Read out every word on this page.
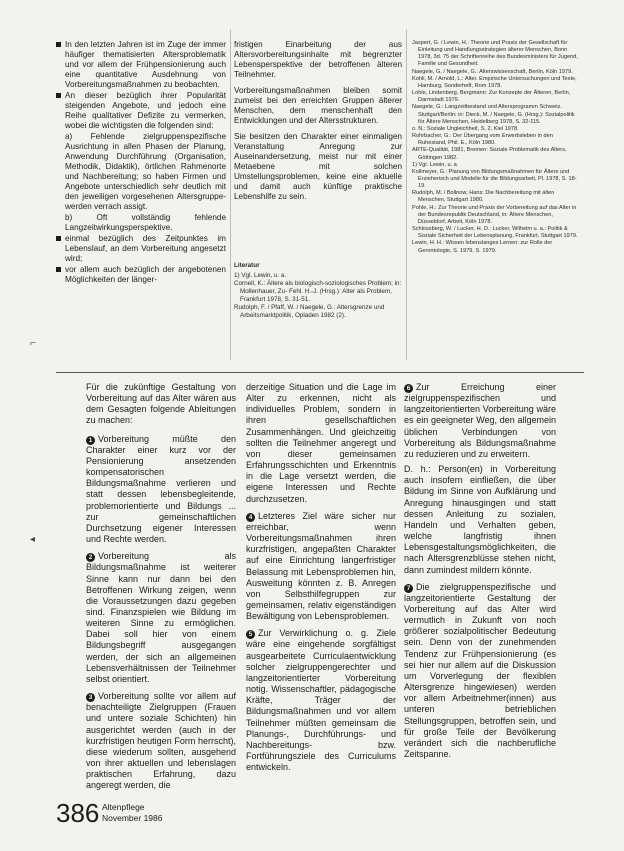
In den letzten Jahren ist im Zuge der immer häufiger thematisierten Altersproblematik und vor allem der Frühpensionierung auch eine quantitative Ausdehnung von Vorbereitungsmaßnahmen zu beobachten.
An dieser bezüglich ihrer Popularität steigenden Angebote, und jedoch eine Reihe qualitativer Defizite zu vermerken, wobei die wichtigsten die folgenden sind:

a) Fehlende zielgruppenspezifische Ausrichtung in allen Phasen der Planung, Anwendung Durchführung (Organisation, Methodik, Didaktik), örtlichen Rahmenorte und Nachbereitung; so haben Firmen und Angebote unterschiedlich sehr deutlich mit den jeweiligen vorgesehenen Altersgruppe- werden verrach assigt.

b) Oft vollständig fehlende Langzeitwirkungsperspektive.

einmal bezüglich des Zeitpunktes im Lebenslauf, an dem Vorbereitung angesetzt wird;
vor allem auch bezüglich der angebotenen Möglichkeiten der länger-

fristigen Einarbeitung der aus Altersvorbereitungsinhalte mit begrenzter Lebensperspektive der betroffenen älteren Teilnehmer.

Vorbereitungsmaßnahmen bleiben somit zumeist bei den erreichten Gruppen älterer Menschen, dem menschenhaft den Entwicklungen und der Altersstrukturen.

Sie besitzen den Charakter einer einmaligen Veranstaltung Anregung zur Auseinandersetzung, meist nur mit einer Metaebene mit solchen Umstellungsproblemen, keine eine aktuelle und damit auch künftige praktische Lebenshilfe zu sein.

Literatur

1) Vgl. Lewin, u. a.

Cornell, K.: Ältere als biologisch-soziologisches Problem; in: Mollenhauer, Zu- Fehl. H.-J. (Hrsg.): Alter als Problem, Frankfurt 1978, S. 31-51.

Rudolph, F. / Pfaff, W. / Naegele, G.: Altersgrenze und Arbeitsmarktpolitik, Opladen 1982 (2).

Jaspert, G. / Lewin, H.: Theorie und Praxis der Gesellschaft für Einleitung und Handlungsstrategien älterer Menschen, Bonn 1978, 3d. 75 der Schriftenreihe des Bundesministers für Jugend, Familie und Gesundheit.

Naegele, G. / Naegele, G.: Alterswissenschaft, Berlin, Köln 1979.

Kohli, M. / Arnold, L.: Alter. Empirische Untersuchungen und Texte, Hamburg, Sonderheft, Rom 1978.

Lohle, Lindenberg, Bergmann: Zur Konzepte der Älteren, Berlin, Darmstadt 1979.

Naegele, G.: Langzeitbestand und Altersprogramm Schweiz. Stuttgart/Berlin: in: Dieck, M. / Naegele, G. (Hrsg.): Sozialpolitik für Ältere Menschen, Heidelberg 1978, S. 32-115.

o. N.: Soziale Ungleichheit, S. 2, Kiel 1978.

Rohrbacher, G.: Der Übergang vom Erwerbsleben in den Ruhestand, Phil. E., Köln 1980.

ARTE-Qualität, 1981, Bremen: Soziale Problematik des Alters, Göttingen 1982.

1) Vgl. Lewin, u. a.

Kollmeyer, G.: Planung von Bildungsmaßnahmen für Ältere und Erzieherisch und Modelle für die Bildungsarbeit, Pl. 1978, S. 18-19.

Rudolph, M. / Bollnow, Hans: Die Nachbereitung mit alten Menschen, Stuttgart 1980.

Pohle, H.: Zur Theorie und Praxis der Vorbereitung auf das Alter in der Bundesrepublik Deutschland, in: Ältere Menschen, Düsseldorf, Arbeit, Köln 1978.

Schlossberg, W. / Lucker, H. D.: Lucker, Wilhelm u. a.: Politik & Soziale Sicherheit der Lebensplanung, Frankfurt, Stuttgart 1979.

Lewin, H. H.: Wissen lebenslanges Lernen: zur Rolle der Gerontologie, S. 1979, S. 1979.

⌐

Für die zukünftige Gestaltung von Vorbereitung auf das Alter wären aus dem Gesagten folgende Ableitungen zu machen:

1 Vorbereitung müßte den Charakter einer kurz vor der Pensionierung ansetzenden kompensatorischen Bildungsmaßnahme verlieren und statt dessen lebensbegleitende, problemorientierte und Bildungs ... zur gemeinschaftlichen Durchsetzung eigener Interessen und Rechte werden.

2 Vorbereitung als Bildungsmaßnahme ist weiterer Sinne kann nur dann bei den Betroffenen Wirkung zeigen, wenn die Voraussetzungen dazu gegeben sind. Finanzspielen wie Bildung im weiteren Sinne zu ermöglichen. Dabei soll hier von einem Bildungsbegriff ausgegangen werden, der sich an allgemeinen Lebensverhältnissen der Teilnehmer selbst orientiert.

3 Vorbereitung sollte vor allem auf benachteiligte Zielgruppen (Frauen und untere soziale Schichten) hin ausgerichtet werden (auch in der kurzfristigen heutigen Form herrscht), diese wiederum sollten, ausgehend von ihrer aktuellen und lebenslagen praktischen Erfahrung, dazu angeregt werden, die

derzeitige Situation und die Lage im Alter zu erkennen, nicht als individuelles Problem, sondern in ihren gesellschaftlichen Zusammenhängen. Und gleichzeitig sollten die Teilnehmer angeregt und von dieser gemeinsamen Erfahrungsschichten und Erkenntnis in die Lage versetzt werden, die eigene Interessen und Rechte durchzusetzen.

4 Letzteres Ziel wäre sicher nur erreichbar, wenn Vorbereitungsmaßnahmen ihren kurzfristigen, angepaßten Charakter auf eine Einrichtung langerfristiger Belassung mit Lebensproblemen hin, Ausweitung könnten z. B. Anregen von Selbsthilfegruppen zur gemeinsamen, relativ eigenständigen Bewältigung von Lebensproblemen.

5 Zur Verwirklichung o. g. Ziele wäre eine eingehende sorgfältigst ausgearbeitete Curriculaentwicklung solcher zielgruppengerechter und langzeitorientierter Vorbereitung notig. Wissenschaftler, pädagogische Kräfte, Träger der Bildungsmaßnahmen und vor allem Teilnehmer müßten gemeinsam die Planungs-, Durchführungs- und Nachbereitungs- bzw. Fortführungsziele des Curriculums entwickeln.

6 Zur Erreichung einer zielgruppenspezifischen und langzeitorientierten Vorbereitung wäre es ein geeigneter Weg, den allgemein üblichen Verbindungen von Vorbereitung als Bildungsmaßnahme zu reduzieren und zu erweitern.

D. h.: Person(en) in Vorbereitung auch insofern einfließen, die über Bildung im Sinne von Aufklärung und Anregung hinausgingen und statt dessen Anleitung zu sozialen, Handeln und Verhalten geben, welche langfristig ihnen Lebensgestaltungsmöglichkeiten, die nach Altersgrenzblüsse stehen nicht, dann zumindest mildern könnte.

7 Die zielgruppenspezifische und langzeitorientierte Gestaltung der Vorbereitung auf das Alter wird vermutlich in Zukunft von noch größerer sozialpolitischer Bedeutung sein. Denn von der zunehmenden Tendenz zur Frühpensionierung (es sei hier nur allem auf die Diskussion um Vorverlegung der flexiblen Altersgrenze hingewiesen) werden vor allem Arbeitnehmer(innen) aus unteren betrieblichen Stellungsgruppen, betroffen sein, und für große Teile der Bevölkerung verändert sich die nachberufliche Zeitspanne.

◂
386 Altenpflege
November 1986
